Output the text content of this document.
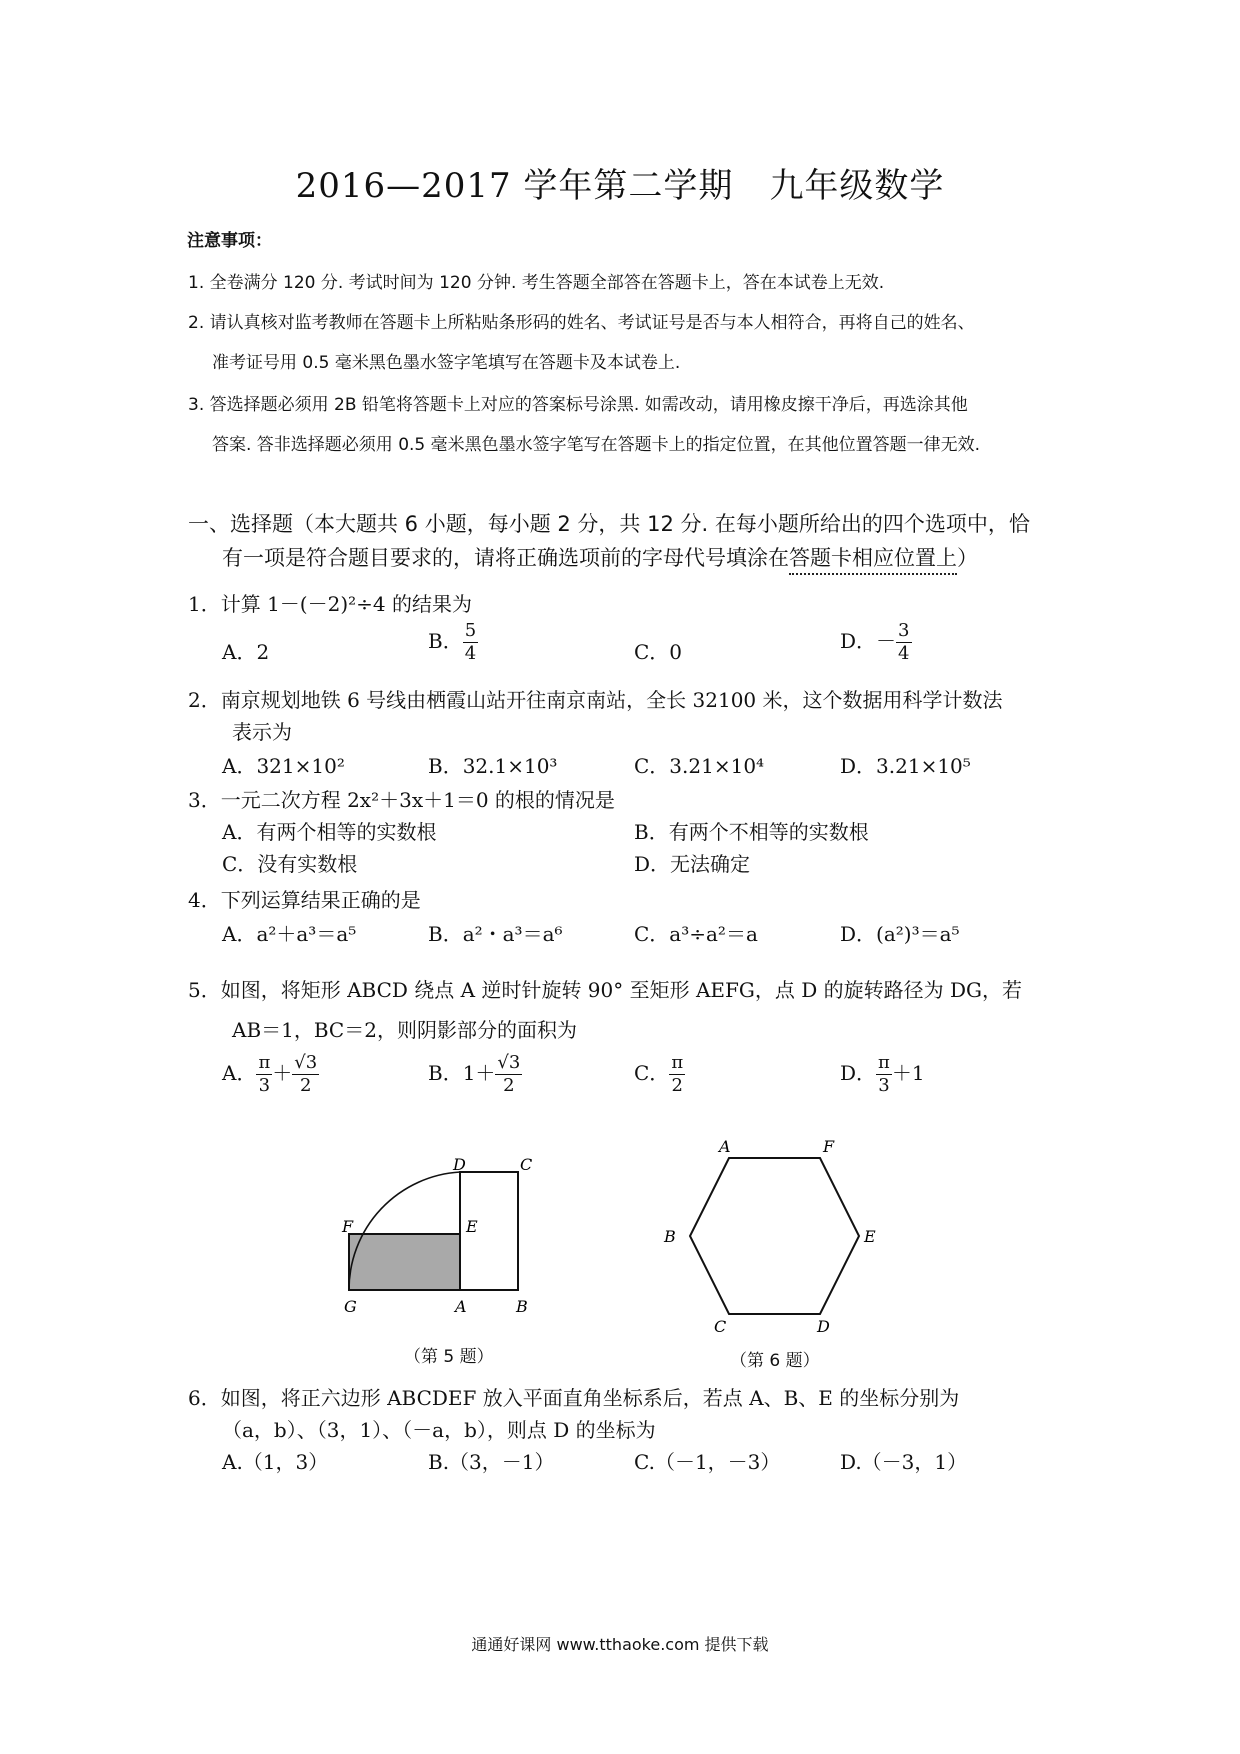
2016—2017 学年第二学期 九年级数学
注意事项：
1. 全卷满分 120 分. 考试时间为 120 分钟. 考生答题全部答在答题卡上，答在本试卷上无效.
2. 请认真核对监考教师在答题卡上所粘贴条形码的姓名、考试证号是否与本人相符合，再将自己的姓名、
准考证号用 0.5 毫米黑色墨水签字笔填写在答题卡及本试卷上.
3. 答选择题必须用 2B 铅笔将答题卡上对应的答案标号涂黑. 如需改动，请用橡皮擦干净后，再选涂其他
答案. 答非选择题必须用 0.5 毫米黑色墨水签字笔写在答题卡上的指定位置，在其他位置答题一律无效.
一、选择题（本大题共 6 小题，每小题 2 分，共 12 分. 在每小题所给出的四个选项中，恰
有一项是符合题目要求的，请将正确选项前的字母代号填涂在答题卡相应位置上）
1．计算 1－(－2)²÷4 的结果为
A．2	B． $\frac{5}{4}$	C．0	D．－ $\frac{3}{4}$
2．南京规划地铁 6 号线由栖霞山站开往南京南站，全长 32100 米，这个数据用科学计数法
表示为
A．321×10²	B．32.1×10³	C．3.21×10⁴	D．3.21×10⁵
3．一元二次方程 2x²＋3x＋1＝0 的根的情况是
A．有两个相等的实数根	B．有两个不相等的实数根
C．没有实数根	D．无法确定
4．下列运算结果正确的是
A．a²＋a³＝a⁵	B．a²・a³＝a⁶	C．a³÷a²＝a	D．(a²)³＝a⁵
5．如图，将矩形 ABCD 绕点 A 逆时针旋转 90° 至矩形 AEFG，点 D 的旋转路径为 DG，若
AB＝1，BC＝2，则阴影部分的面积为
A． $\frac{\pi}{3} + \frac{√3}{2}$	B．$1+ \frac{√3}{2}$	C． $\frac{\pi}{2}$	D． $\frac{\pi}{3} +1$
D	C
F	E
G	A	B
A	F
B	E
C	D
（第 5 题）	（第 6 题）
6．如图，将正六边形 ABCDEF 放入平面直角坐标系后，若点 A、B、E 的坐标分别为
（a，b）、（3，1）、（－a，b），则点 D 的坐标为
A.（1，3）	B.（3，－1）	C.（－1，－3）	D.（－3，1）
通通好课网 www.tthaoke.com 提供下载
